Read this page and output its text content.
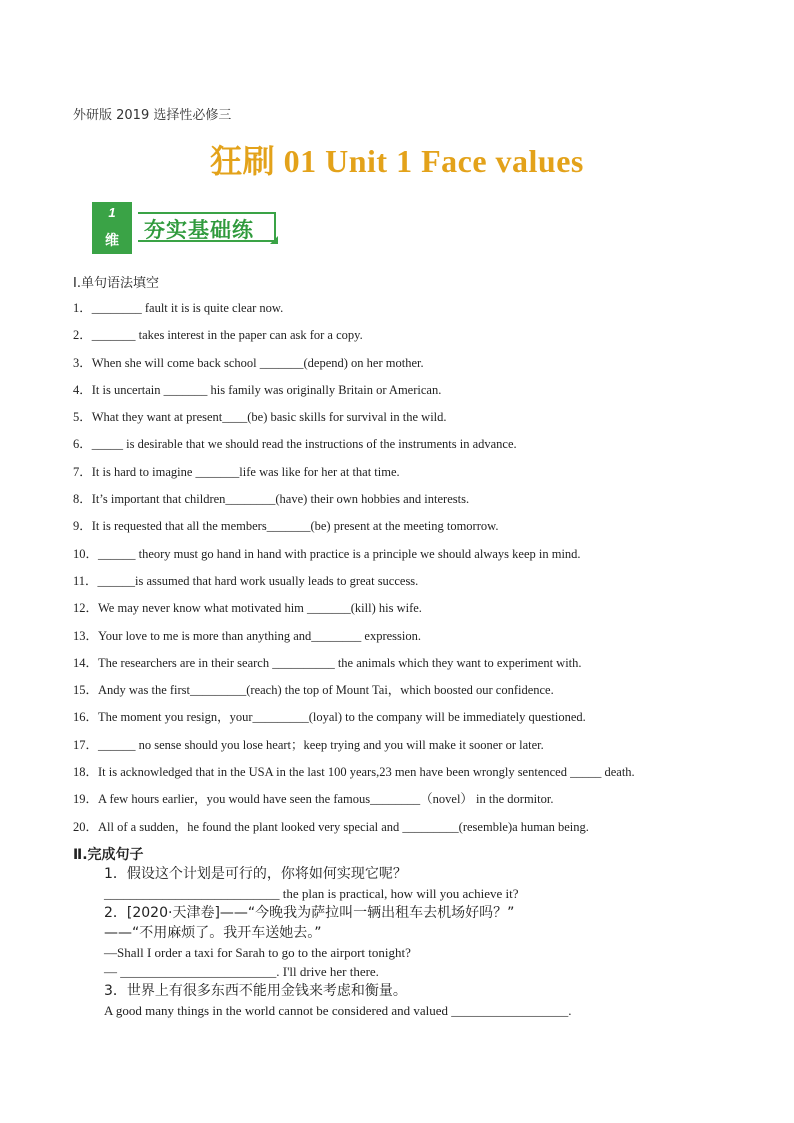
外研版 2019 选择性必修三
狂刷 01 Unit 1 Face values
1
维	夯实基础练
Ⅰ.单句语法填空
1．________ fault it is is quite clear now.
2．_______ takes interest in the paper can ask for a copy.
3．When she will come back school _______(depend) on her mother.
4．It is uncertain _______ his family was originally Britain or American.
5．What they want at present____(be) basic skills for survival in the wild.
6．_____ is desirable that we should read the instructions of the instruments in advance.
7．It is hard to imagine _______life was like for her at that time.
8．It’s important that children________(have) their own hobbies and interests.
9．It is requested that all the members_______(be) present at the meeting tomorrow.
10．______ theory must go hand in hand with practice is a principle we should always keep in mind.
11．______is assumed that hard work usually leads to great success.
12．We may never know what motivated him _______(kill) his wife.
13．Your love to me is more than anything and________ expression.
14．The researchers are in their search __________ the animals which they want to experiment with.
15．Andy was the first_________(reach) the top of Mount Tai，which boosted our confidence.
16．The moment you resign，your_________(loyal) to the company will be immediately questioned.
17．______ no sense should you lose heart；keep trying and you will make it sooner or later.
18．It is acknowledged that in the USA in the last 100 years,23 men have been wrongly sentenced _____ death.
19．A few hours earlier，you would have seen the famous________（novel） in the dormitor.
20．All of a sudden，he found the plant looked very special and _________(resemble)a human being.
Ⅱ.完成句子
1．假设这个计划是可行的，你将如何实现它呢？
___________________________ the plan is practical, how will you achieve it?
2．[2020·天津卷]——“今晚我为萨拉叫一辆出租车去机场好吗？”
——“不用麻烦了。我开车送她去。”
—Shall I order a taxi for Sarah to go to the airport tonight?
— ________________________. I'll drive her there.
3．世界上有很多东西不能用金钱来考虑和衡量。
A good many things in the world cannot be considered and valued __________________.
